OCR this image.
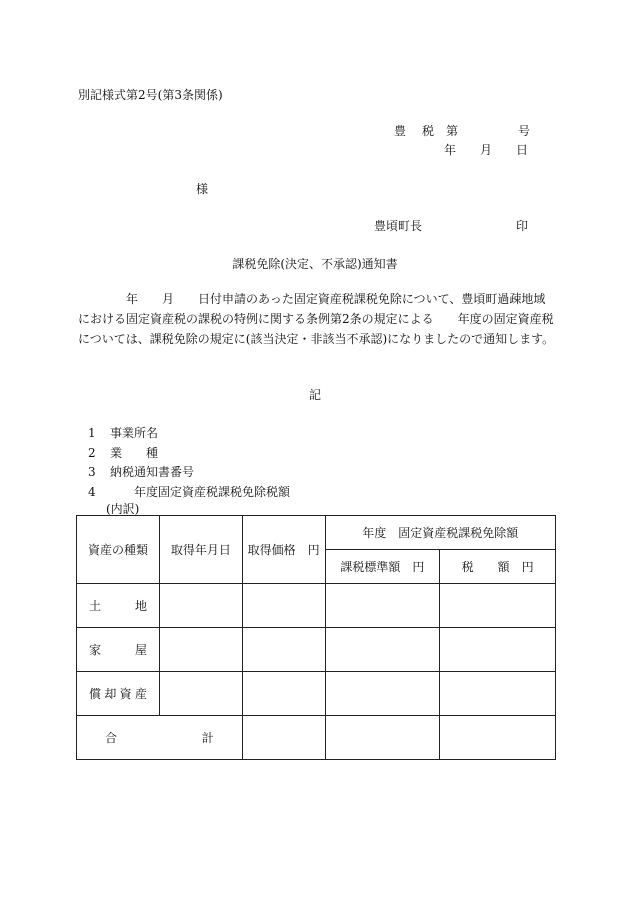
別記様式第2号(第3条関係)
豊 税 第	号
年 月 日
様
豊頃町長	印
課税免除(決定、不承認)通知書

　　　　年　　月　　日付申請のあった固定資産税課税免除について、豊頃町過疎地域における固定資産税の課税の特例に関する条例第2条の規定による　　年度の固定資産税については、課税免除の規定に(該当決定・非該当不承認)になりましたので通知します。

記
1 事業所名
2 業　　種
3 納税通知書番号
4　　年度固定資産税課税免除税額
(内訳)
資産の種類	取得年月日	取得価格　円	年度　固定資産税課税免除額	
			課税標準額　円	税　　額　円

土 地				

家 屋				

償 却 資 産				

合 計				
